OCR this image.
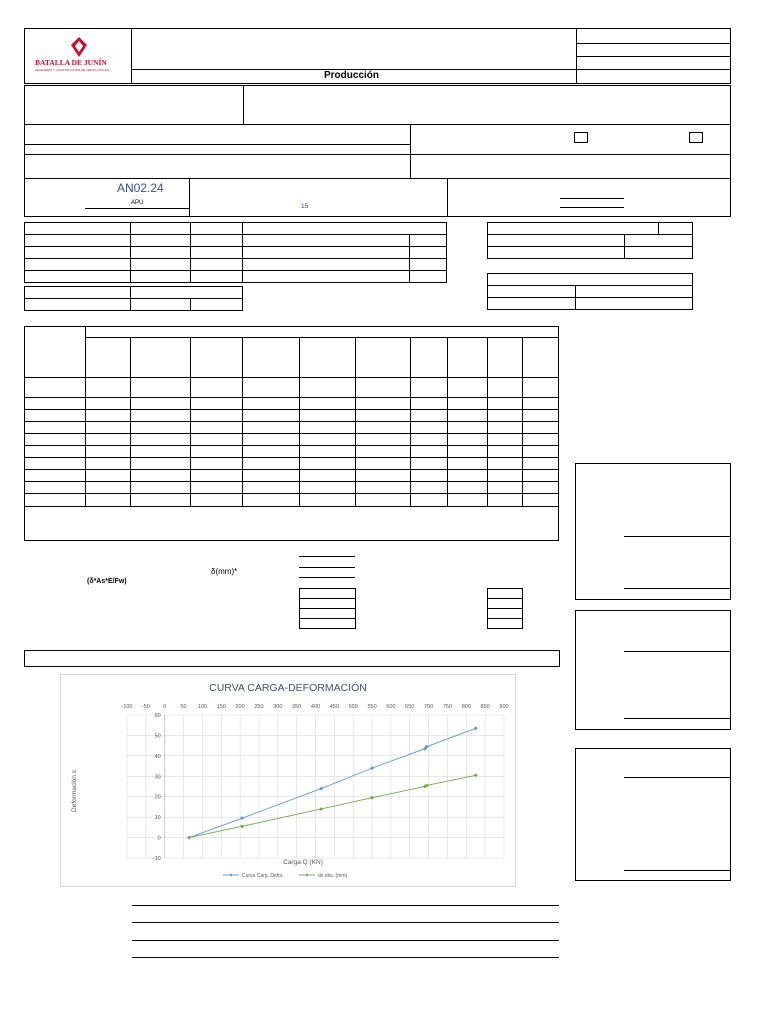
Producción
BATALLA DE JUNÍN
INGENIERÍA Y CONSTRUCCIÓN DE OBRAS CIVILES
AN02.24
APU	15

δ(mm)*
(δ*As*E/Fw)

CURVA CARGA-DEFORMACIÓN
-100 -50 0	50 100 150 200 250 300 350 400 450 500 550 600 650 700 750 800 850 900
-10
0
10
20
30
40
50
60
Carga Q (KN)
Deformación s
Curva Carg. Defor.	ds obs. (mm)
